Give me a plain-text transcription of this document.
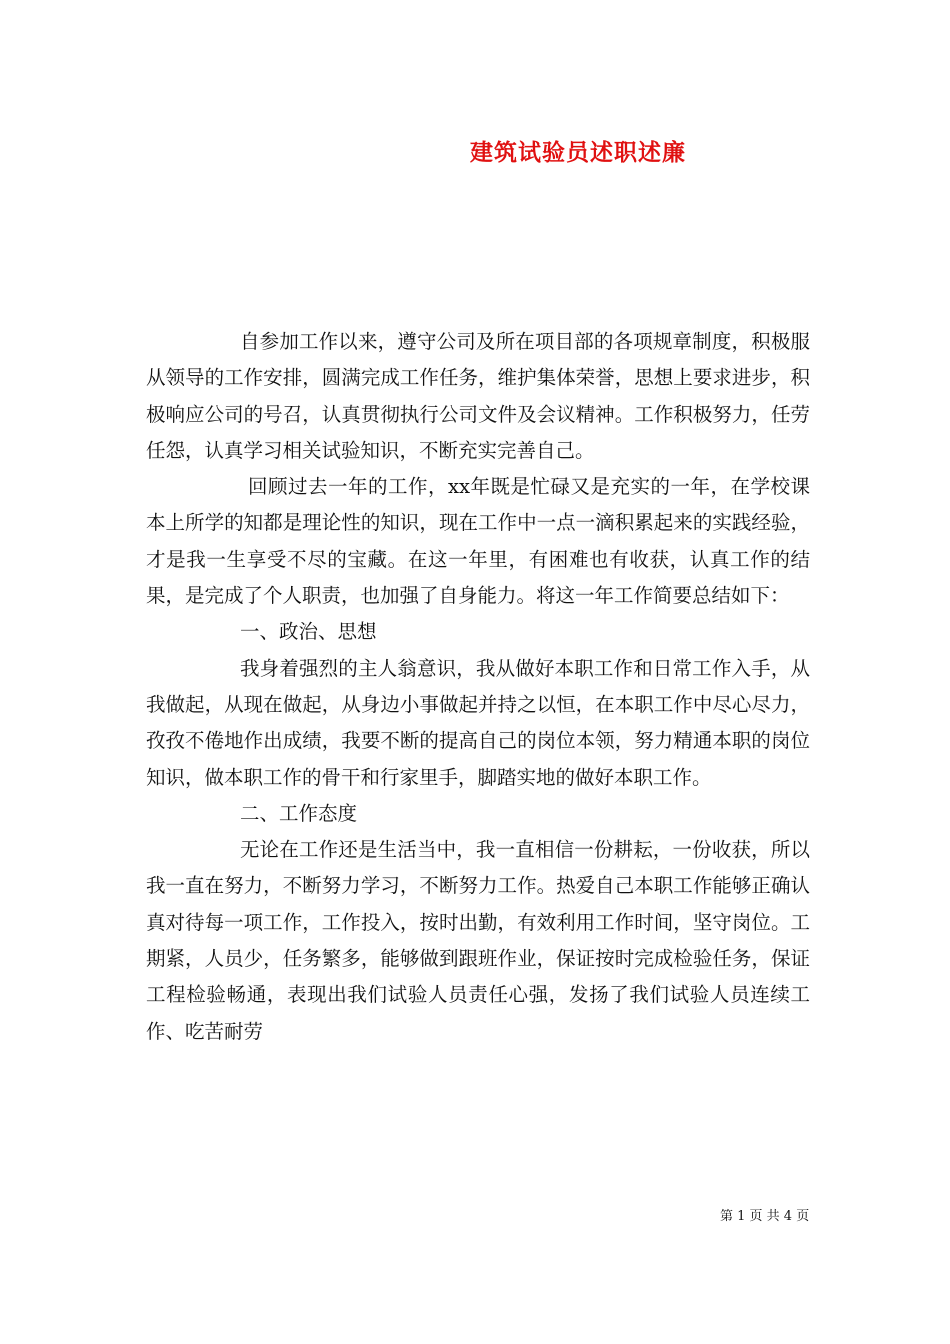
建筑试验员述职述廉

自参加工作以来，遵守公司及所在项目部的各项规章制度，积极服从领导的工作安排，圆满完成工作任务，维护集体荣誉，思想上要求进步，积极响应公司的号召，认真贯彻执行公司文件及会议精神。工作积极努力，任劳任怨，认真学习相关试验知识，不断充实完善自己。

回顾过去一年的工作，xx年既是忙碌又是充实的一年，在学校课本上所学的知都是理论性的知识，现在工作中一点一滴积累起来的实践经验，才是我一生享受不尽的宝藏。在这一年里，有困难也有收获，认真工作的结果，是完成了个人职责，也加强了自身能力。将这一年工作简要总结如下：

一、政治、思想

我身着强烈的主人翁意识，我从做好本职工作和日常工作入手，从我做起，从现在做起，从身边小事做起并持之以恒，在本职工作中尽心尽力，孜孜不倦地作出成绩，我要不断的提高自己的岗位本领，努力精通本职的岗位知识，做本职工作的骨干和行家里手，脚踏实地的做好本职工作。

二、工作态度

无论在工作还是生活当中，我一直相信一份耕耘，一份收获，所以我一直在努力，不断努力学习，不断努力工作。热爱自己本职工作能够正确认真对待每一项工作，工作投入，按时出勤，有效利用工作时间，坚守岗位。工期紧，人员少，任务繁多，能够做到跟班作业，保证按时完成检验任务，保证工程检验畅通，表现出我们试验人员责任心强，发扬了我们试验人员连续工作、吃苦耐劳

第 1 页 共 4 页
